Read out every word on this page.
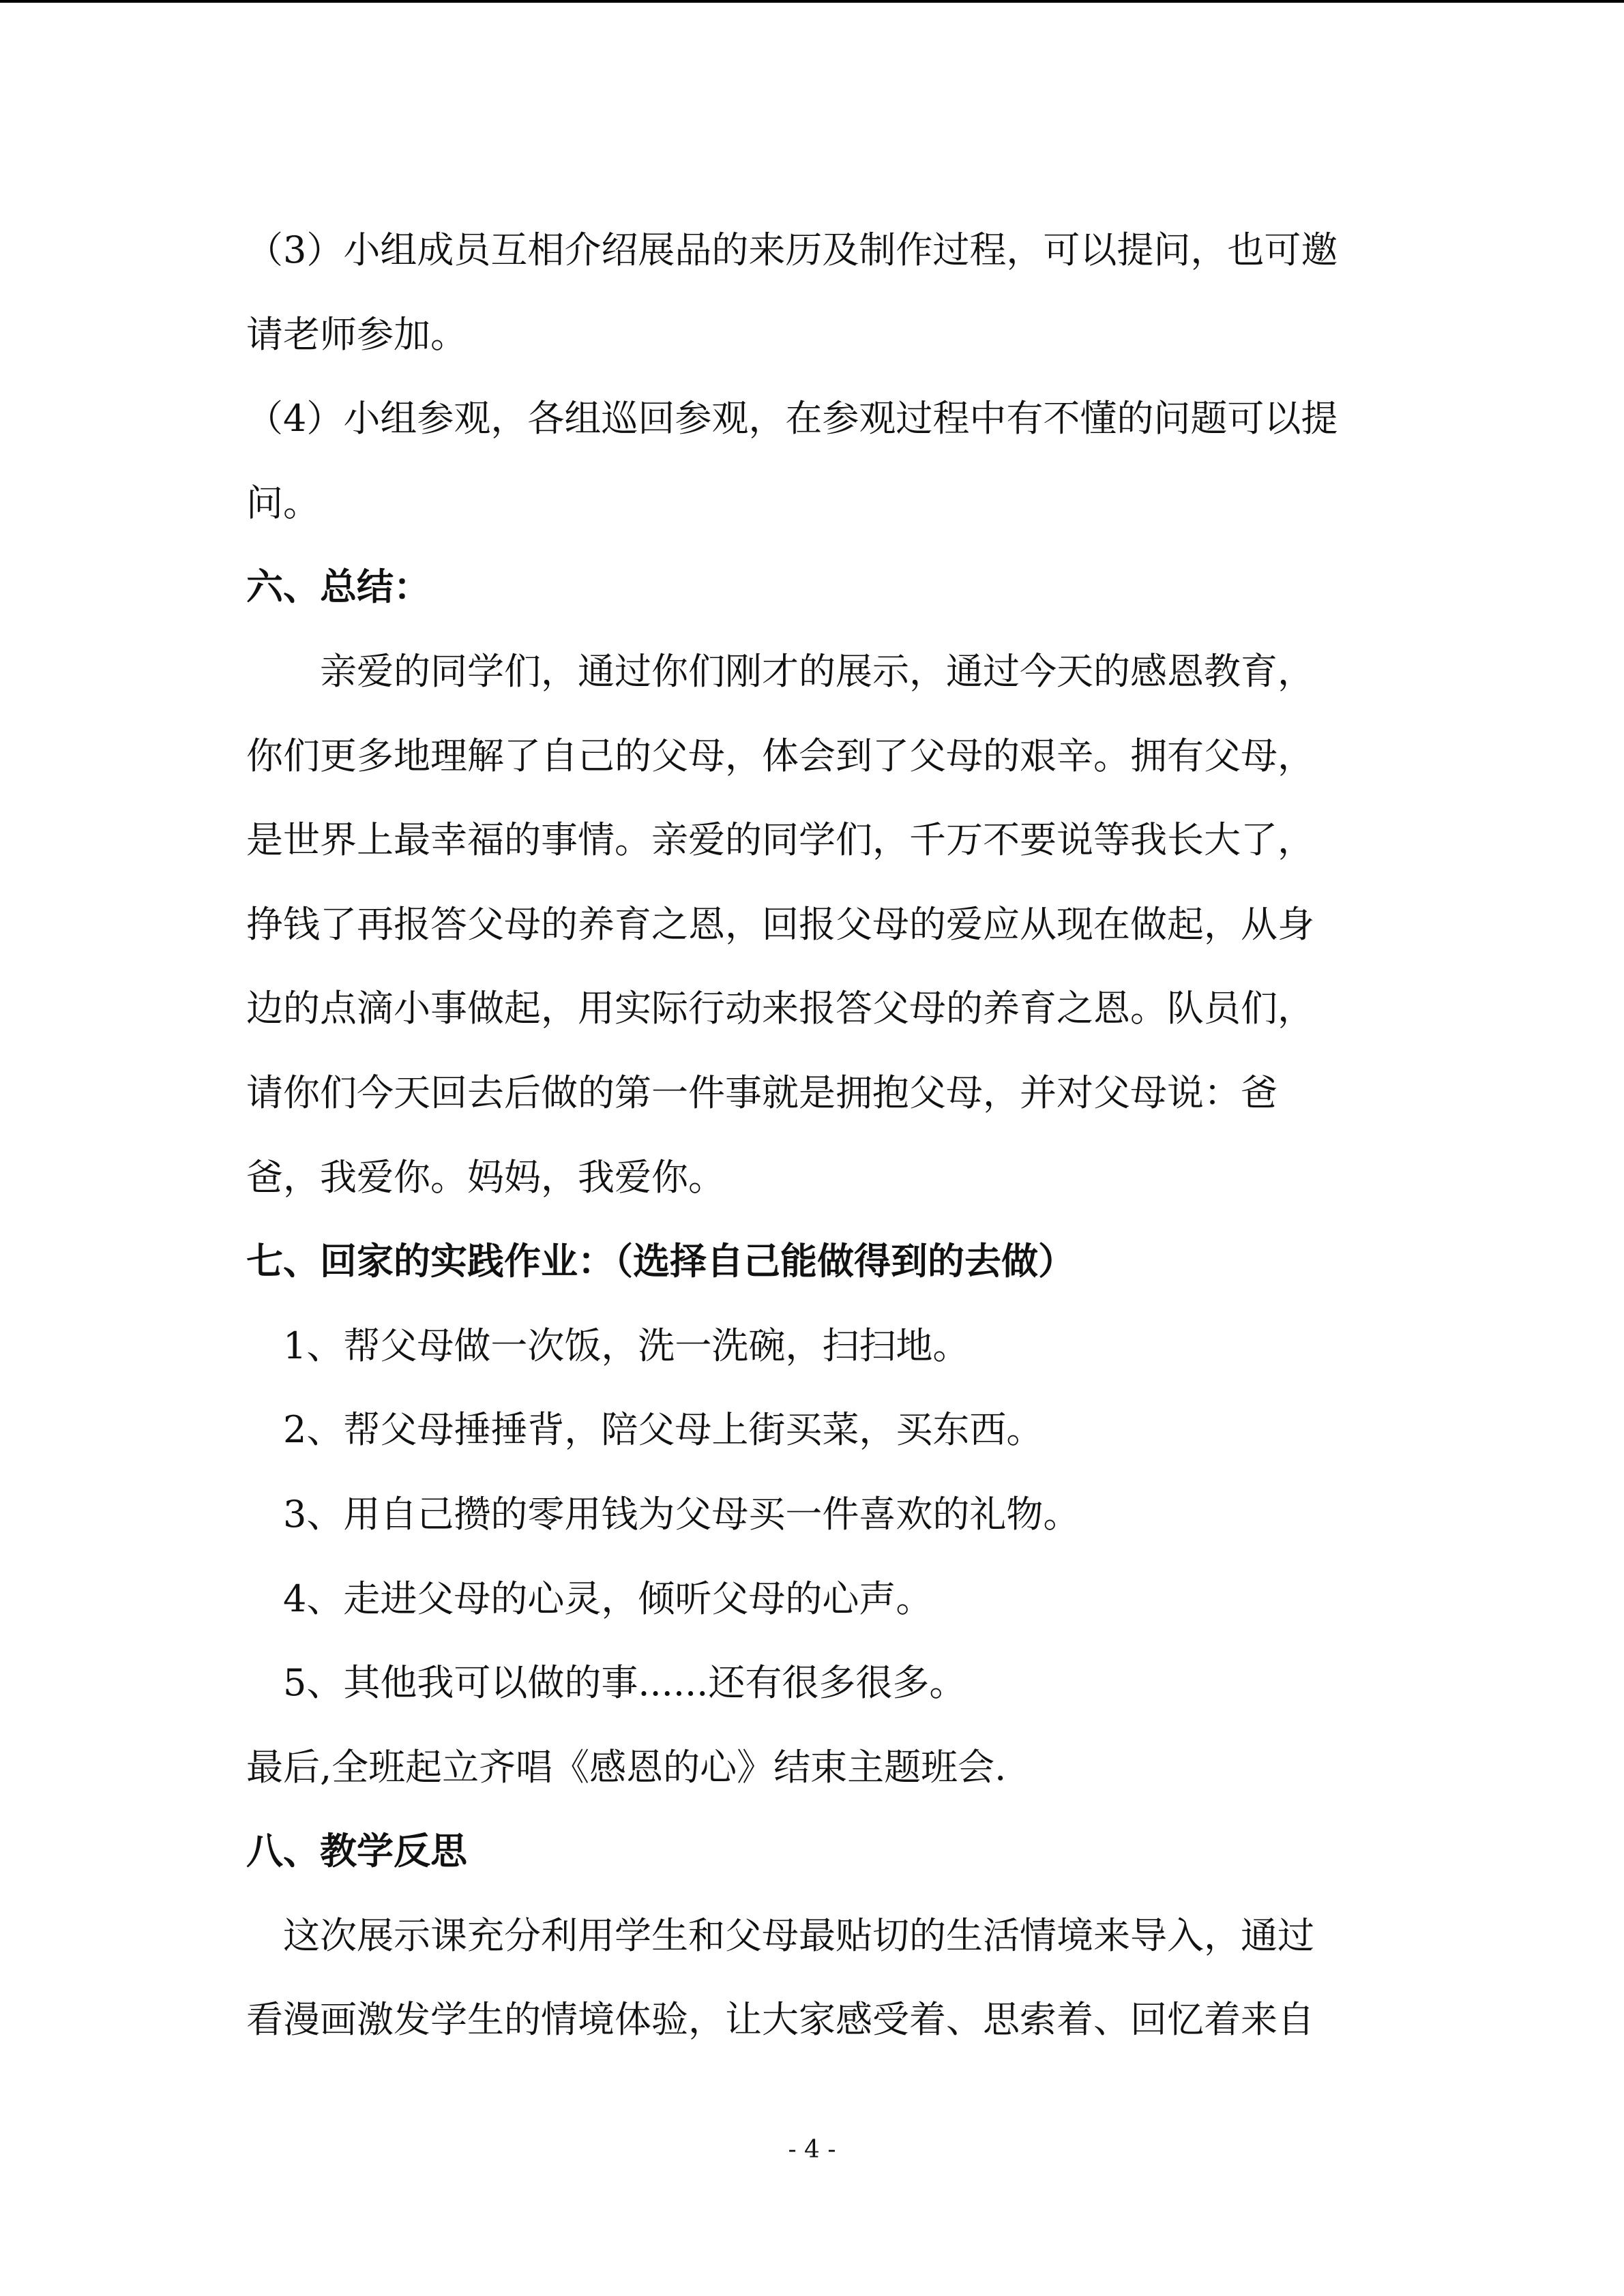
（3）小组成员互相介绍展品的来历及制作过程，可以提问，也可邀
请老师参加。
（4）小组参观，各组巡回参观，在参观过程中有不懂的问题可以提
问。
六、总结：
亲爱的同学们，通过你们刚才的展示，通过今天的感恩教育，
你们更多地理解了自己的父母，体会到了父母的艰辛。拥有父母，
是世界上最幸福的事情。亲爱的同学们，千万不要说等我长大了，
挣钱了再报答父母的养育之恩，回报父母的爱应从现在做起，从身
边的点滴小事做起，用实际行动来报答父母的养育之恩。队员们，
请你们今天回去后做的第一件事就是拥抱父母，并对父母说：爸
爸，我爱你。妈妈，我爱你。
七、回家的实践作业：（选择自己能做得到的去做）
1、帮父母做一次饭，洗一洗碗，扫扫地。
2、帮父母捶捶背，陪父母上街买菜，买东西。
3、用自己攒的零用钱为父母买一件喜欢的礼物。
4、走进父母的心灵，倾听父母的心声。
5、其他我可以做的事......还有很多很多。
最后,全班起立齐唱《感恩的心》结束主题班会.
八、教学反思
这次展示课充分利用学生和父母最贴切的生活情境来导入，通过
看漫画激发学生的情境体验，让大家感受着、思索着、回忆着来自
- 4 -
